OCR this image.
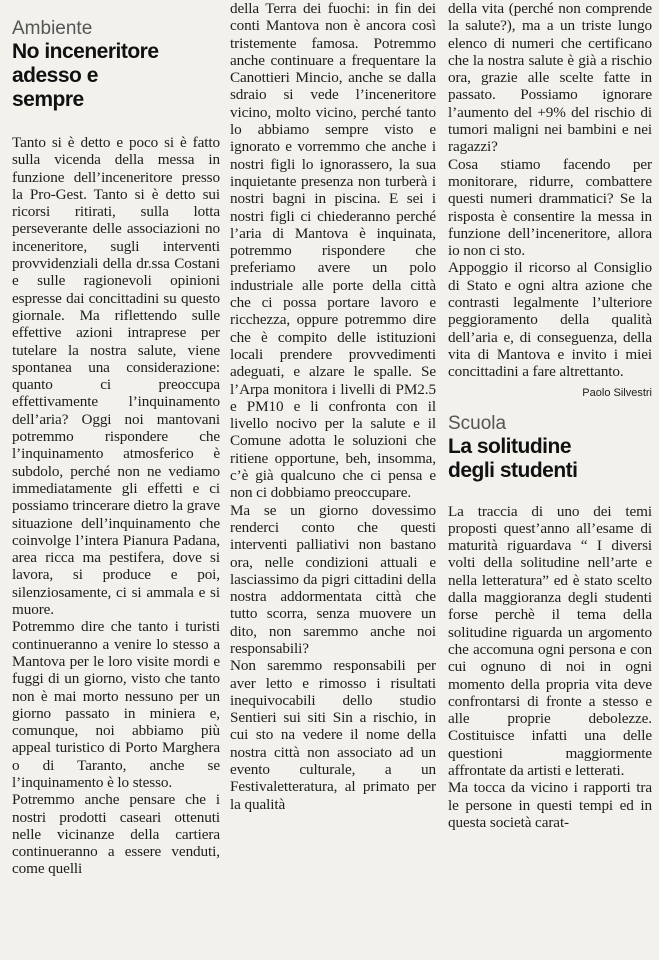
Ambiente

No inceneritore adesso e sempre

Tanto si è detto e poco si è fatto sulla vicenda della messa in funzione dell’inceneritore presso la Pro-Gest. Tanto si è detto sui ricorsi ritirati, sulla lotta perseverante delle associazioni no inceneritore, sugli interventi provvidenziali della dr.ssa Costani e sulle ragionevoli opinioni espresse dai concittadini su questo giornale. Ma riflettendo sulle effettive azioni intraprese per tutelare la nostra salute, viene spontanea una considerazione: quanto ci preoccupa effettivamente l’inquinamento dell’aria? Oggi noi mantovani potremmo rispondere che l’inquinamento atmosferico è subdolo, perché non ne vediamo immediatamente gli effetti e ci possiamo trincerare dietro la grave situazione dell’inquinamento che coinvolge l’intera Pianura Padana, area ricca ma pestifera, dove si lavora, si produce e poi, silenziosamente, ci si ammala e si muore.

Potremmo dire che tanto i turisti continueranno a venire lo stesso a Mantova per le loro visite mordi e fuggi di un giorno, visto che tanto non è mai morto nessuno per un giorno passato in miniera e, comunque, noi abbiamo più appeal turistico di Porto Marghera o di Taranto, anche se l’inquinamento è lo stesso.

Potremmo anche pensare che i nostri prodotti caseari ottenuti nelle vicinanze della cartiera continueranno a essere venduti, come quelli

della Terra dei fuochi: in fin dei conti Mantova non è ancora così tristemente famosa. Potremmo anche continuare a frequentare la Canottieri Mincio, anche se dalla sdraio si vede l’inceneritore vicino, molto vicino, perché tanto lo abbiamo sempre visto e ignorato e vorremmo che anche i nostri figli lo ignorassero, la sua inquietante presenza non turberà i nostri bagni in piscina. E sei i nostri figli ci chiederanno perché l’aria di Mantova è inquinata, potremmo rispondere che preferiamo avere un polo industriale alle porte della città che ci possa portare lavoro e ricchezza, oppure potremmo dire che è compito delle istituzioni locali prendere provvedimenti adeguati, e alzare le spalle. Se l’Arpa monitora i livelli di PM2.5 e PM10 e li confronta con il livello nocivo per la salute e il Comune adotta le soluzioni che ritiene opportune, beh, insomma, c’è già qualcuno che ci pensa e non ci dobbiamo preoccupare.

Ma se un giorno dovessimo renderci conto che questi interventi palliativi non bastano ora, nelle condizioni attuali e lasciassimo da pigri cittadini della nostra addormentata città che tutto scorra, senza muovere un dito, non saremmo anche noi responsabili?

Non saremmo responsabili per aver letto e rimosso i risultati inequivocabili dello studio Sentieri sui siti Sin a rischio, in cui sto na vedere il nome della nostra città non associato ad un evento culturale, a un Festivaletteratura, al primato per la qualità

della vita (perché non comprende la salute?), ma a un triste lungo elenco di numeri che certificano che la nostra salute è già a rischio ora, grazie alle scelte fatte in passato. Possiamo ignorare l’aumento del +9% del rischio di tumori maligni nei bambini e nei ragazzi?

Cosa stiamo facendo per monitorare, ridurre, combattere questi numeri drammatici? Se la risposta è consentire la messa in funzione dell’inceneritore, allora io non ci sto.

Appoggio il ricorso al Consiglio di Stato e ogni altra azione che contrasti legalmente l’ulteriore peggioramento della qualità dell’aria e, di conseguenza, della vita di Mantova e invito i miei concittadini a fare altrettanto.

Paolo Silvestri

Scuola

La solitudine degli studenti

La traccia di uno dei temi proposti quest’anno all’esame di maturità riguardava “ I diversi volti della solitudine nell’arte e nella letteratura” ed è stato scelto dalla maggioranza degli studenti forse perchè il tema della solitudine riguarda un argomento che accomuna ogni persona e con cui ognuno di noi in ogni momento della propria vita deve confrontarsi di fronte a stesso e alle proprie debolezze. Costituisce infatti una delle questioni maggiormente affrontate da artisti e letterati.

Ma tocca da vicino i rapporti tra le persone in questi tempi ed in questa società carat-
